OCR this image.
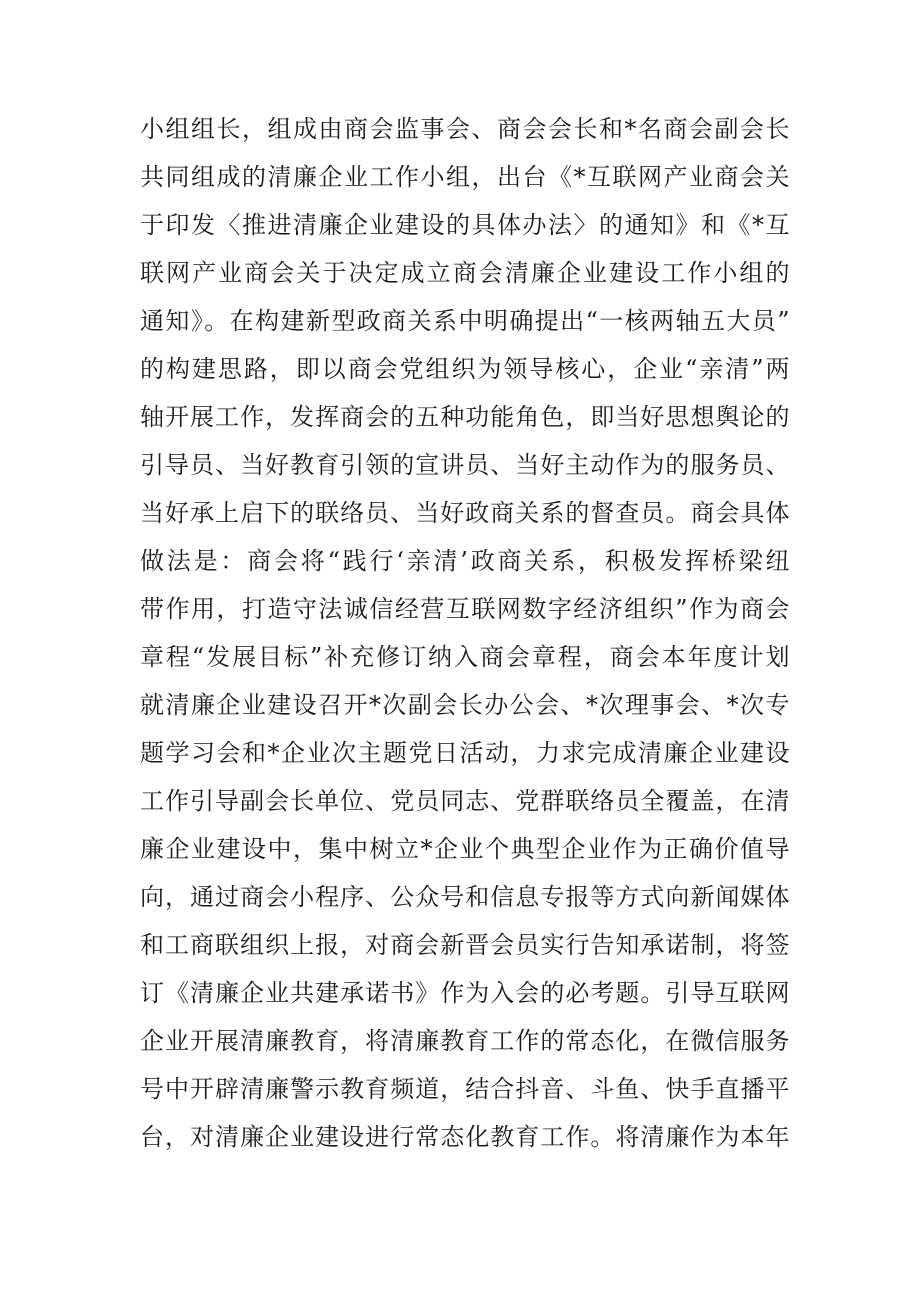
小组组长，组成由商会监事会、商会会长和*名商会副会长
共同组成的清廉企业工作小组，出台《*互联网产业商会关
于印发〈推进清廉企业建设的具体办法〉的通知》和《*互
联网产业商会关于决定成立商会清廉企业建设工作小组的
通知》。在构建新型政商关系中明确提出“一核两轴五大员”
的构建思路，即以商会党组织为领导核心，企业“亲清”两
轴开展工作，发挥商会的五种功能角色，即当好思想舆论的
引导员、当好教育引领的宣讲员、当好主动作为的服务员、
当好承上启下的联络员、当好政商关系的督查员。商会具体
做法是：商会将“践行‘亲清’政商关系，积极发挥桥梁纽
带作用，打造守法诚信经营互联网数字经济组织”作为商会
章程“发展目标”补充修订纳入商会章程，商会本年度计划
就清廉企业建设召开*次副会长办公会、*次理事会、*次专
题学习会和*企业次主题党日活动，力求完成清廉企业建设
工作引导副会长单位、党员同志、党群联络员全覆盖，在清
廉企业建设中，集中树立*企业个典型企业作为正确价值导
向，通过商会小程序、公众号和信息专报等方式向新闻媒体
和工商联组织上报，对商会新晋会员实行告知承诺制，将签
订《清廉企业共建承诺书》作为入会的必考题。引导互联网
企业开展清廉教育，将清廉教育工作的常态化，在微信服务
号中开辟清廉警示教育频道，结合抖音、斗鱼、快手直播平
台，对清廉企业建设进行常态化教育工作。将清廉作为本年
